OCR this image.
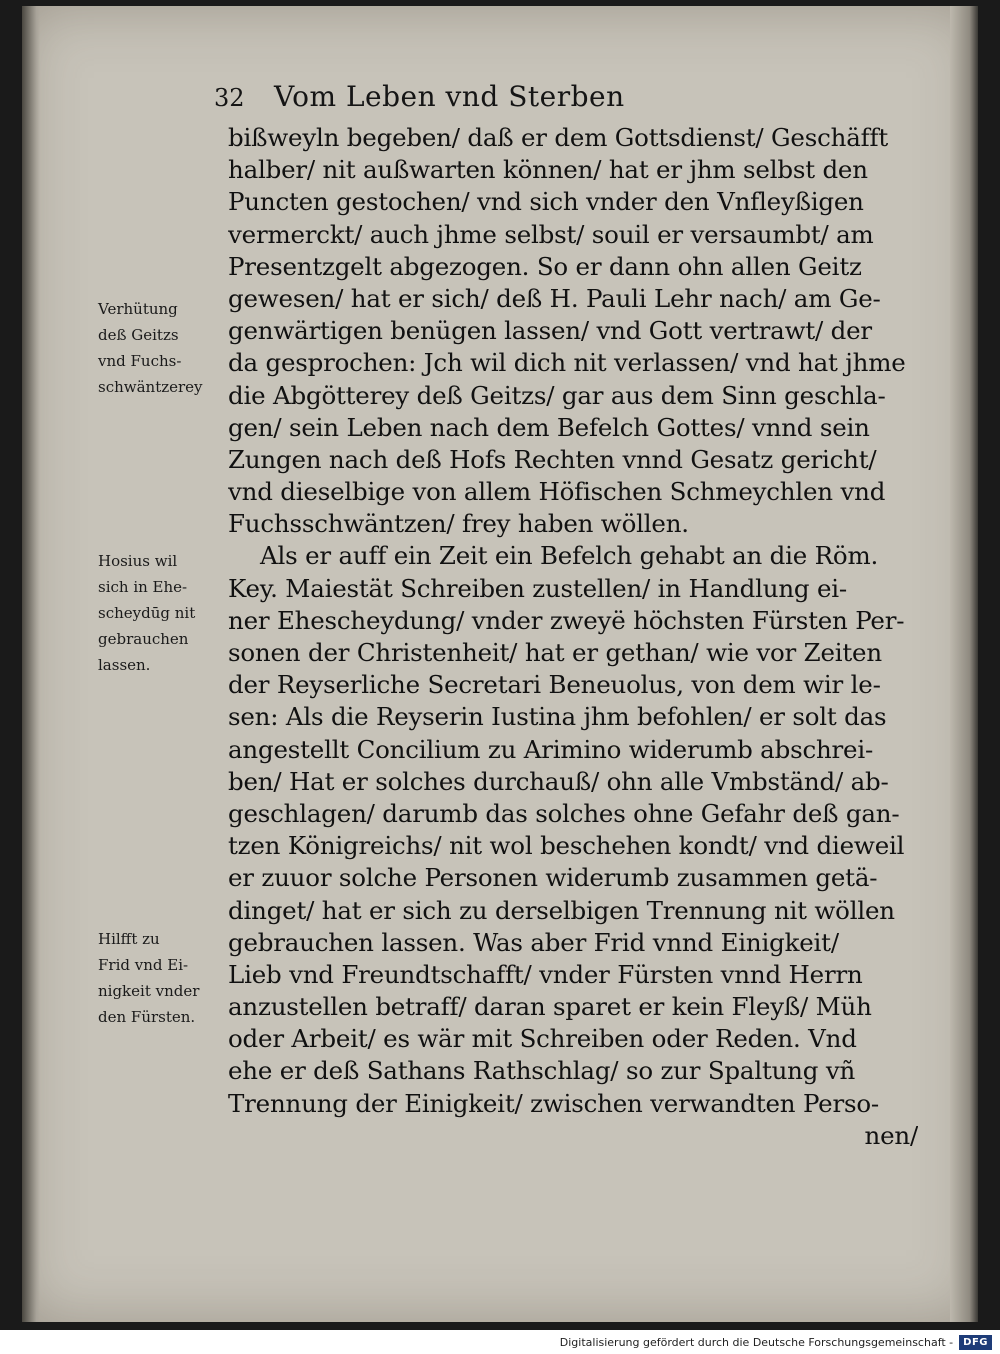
32	Vom Leben vnd Sterben
bißweyln begeben/ daß er dem Gottsdienst/ Geschäfft
halber/ nit außwarten können/ hat er jhm selbst den
Puncten gestochen/ vnd sich vnder den Vnfleyßigen
vermerckt/ auch jhme selbst/ souil er versaumbt/ am
Presentzgelt abgezogen. So er dann ohn allen Geitz
gewesen/ hat er sich/ deß H. Pauli Lehr nach/ am Ge-
genwärtigen benügen lassen/ vnd Gott vertrawt/ der
da gesprochen: Jch wil dich nit verlassen/ vnd hat jhme
die Abgötterey deß Geitzs/ gar aus dem Sinn geschla-
gen/ sein Leben nach dem Befelch Gottes/ vnnd sein
Zungen nach deß Hofs Rechten vnnd Gesatz gericht/
vnd dieselbige von allem Höfischen Schmeychlen vnd
Fuchsschwäntzen/ frey haben wöllen.
Als er auff ein Zeit ein Befelch gehabt an die Röm.
Key. Maiestät Schreiben zustellen/ in Handlung ei-
ner Ehescheydung/ vnder zweyë höchsten Fürsten Per-
sonen der Christenheit/ hat er gethan/ wie vor Zeiten
der Reyserliche Secretari Beneuolus, von dem wir le-
sen: Als die Reyserin Iustina jhm befohlen/ er solt das
angestellt Concilium zu Arimino widerumb abschrei-
ben/ Hat er solches durchauß/ ohn alle Vmbständ/ ab-
geschlagen/ darumb das solches ohne Gefahr deß gan-
tzen Königreichs/ nit wol beschehen kondt/ vnd dieweil
er zuuor solche Personen widerumb zusammen getä-
dinget/ hat er sich zu derselbigen Trennung nit wöllen
gebrauchen lassen. Was aber Frid vnnd Einigkeit/
Lieb vnd Freundtschafft/ vnder Fürsten vnnd Herrn
anzustellen betraff/ daran sparet er kein Fleyß/ Müh
oder Arbeit/ es wär mit Schreiben oder Reden. Vnd
ehe er deß Sathans Rathschlag/ so zur Spaltung vñ
Trennung der Einigkeit/ zwischen verwandten Perso-
nen/
Verhütung
deß Geitzs
vnd Fuchs-
schwäntzerey
Hosius wil
sich in Ehe-
scheydūg nit
gebrauchen
lassen.
Hilfft zu
Frid vnd Ei-
nigkeit vnder
den Fürsten.
Digitalisierung gefördert durch die Deutsche Forschungsgemeinschaft -	DFG
